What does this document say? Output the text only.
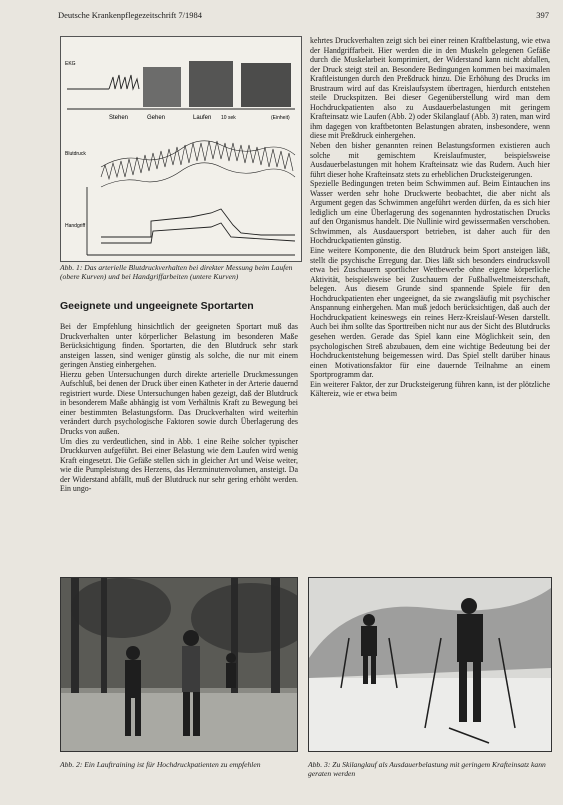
Deutsche Krankenpflegezeitschrift 7/1984	397
Stehen	Gehen	Laufen 10 sek	(Einheit)
EKG
Blutdruck
Handgriff
Abb. 1: Das arterielle Blutdruckverhalten bei direkter Messung beim Laufen (obere Kurven) und bei Handgriffarbeiten (untere Kurven)
Geeignete und ungeeignete Sportarten

Bei der Empfehlung hinsichtlich der geeigneten Sportart muß das Druckverhalten unter körperlicher Belastung im besonderen Maße Berücksichtigung finden. Sportarten, die den Blutdruck sehr stark ansteigen lassen, sind weniger günstig als solche, die nur mit einem geringen Anstieg einhergehen.

Hierzu geben Untersuchungen durch direkte arterielle Druckmessungen Aufschluß, bei denen der Druck über einen Katheter in der Arterie dauernd registriert wurde. Diese Untersuchungen haben gezeigt, daß der Blutdruck in besonderem Maße abhängig ist vom Verhältnis Kraft zu Bewegung bei einer bestimmten Belastungsform. Das Druckverhalten wird weiterhin verändert durch psychologische Faktoren sowie durch Überlagerung des Drucks von außen.

Um dies zu verdeutlichen, sind in Abb. 1 eine Reihe solcher typischer Druckkurven aufgeführt. Bei einer Belastung wie dem Laufen wird wenig Kraft eingesetzt. Die Gefäße stellen sich in gleicher Art und Weise weiter, wie die Pumpleistung des Herzens, das Herzminutenvolumen, ansteigt. Da der Widerstand abfällt, muß der Blutdruck nur sehr gering erhöht werden. Ein ungo-

kehrtes Druckverhalten zeigt sich bei einer reinen Kraftbelastung, wie etwa der Handgriffarbeit. Hier werden die in den Muskeln gelegenen Gefäße durch die Muskelarbeit komprimiert, der Widerstand kann nicht abfallen, der Druck steigt steil an. Besondere Bedingungen kommen bei maximalen Kraftleistungen durch den Preßdruck hinzu. Die Erhöhung des Drucks im Brustraum wird auf das Kreislaufsystem übertragen, hierdurch entstehen steile Druckspitzen. Bei dieser Gegenüberstellung wird man dem Hochdruckpatienten also zu Ausdauerbelastungen mit geringem Krafteinsatz wie Laufen (Abb. 2) oder Skilanglauf (Abb. 3) raten, man wird ihm dagegen von kraftbetonten Belastungen abraten, insbesondere, wenn diese mit Preßdruck einhergehen.

Neben den bisher genannten reinen Belastungsformen existieren auch solche mit gemischtem Kreislaufmuster, beispielsweise Ausdauerbelastungen mit hohem Krafteinsatz wie das Rudern. Auch hier führt dieser hohe Krafteinsatz stets zu erheblichen Drucksteigerungen.

Spezielle Bedingungen treten beim Schwimmen auf. Beim Eintauchen ins Wasser werden sehr hohe Druckwerte beobachtet, die aber nicht als Argument gegen das Schwimmen angeführt werden dürfen, da es sich hier lediglich um eine Überlagerung des sogenannten hydrostatischen Drucks auf den Organismus handelt. Die Nullinie wird gewissermaßen verschoben. Schwimmen, als Ausdauersport betrieben, ist daher auch für den Hochdruckpatienten günstig.

Eine weitere Komponente, die den Blutdruck beim Sport ansteigen läßt, stellt die psychische Erregung dar. Dies läßt sich besonders eindrucksvoll etwa bei Zuschauern sportlicher Wettbewerbe ohne eigene körperliche Aktivität, beispielsweise bei Zuschauern der Fußballweltmeisterschaft, belegen. Aus diesem Grunde sind spannende Spiele für den Hochdruckpatienten eher ungeeignet, da sie zwangsläufig mit psychischer Anspannung einhergehen. Man muß jedoch berücksichtigen, daß auch der Hochdruckpatient keineswegs ein reines Herz-Kreislauf-Wesen darstellt. Auch bei ihm sollte das Sporttreiben nicht nur aus der Sicht des Blutdrucks gesehen werden. Gerade das Spiel kann eine Möglichkeit sein, den psychologischen Streß abzubauen, dem eine wichtige Bedeutung bei der Hochdruckentstehung beigemessen wird. Das Spiel stellt darüber hinaus einen Motivationsfaktor für eine dauernde Teilnahme an einem Sportprogramm dar.

Ein weiterer Faktor, der zur Drucksteigerung führen kann, ist der plötzliche Kältereiz, wie er etwa beim

Abb. 2: Ein Lauftraining ist für Hochdruckpatienten zu empfehlen	Abb. 3: Zu Skilanglauf als Ausdauerbelastung mit geringem Krafteinsatz kann geraten werden
